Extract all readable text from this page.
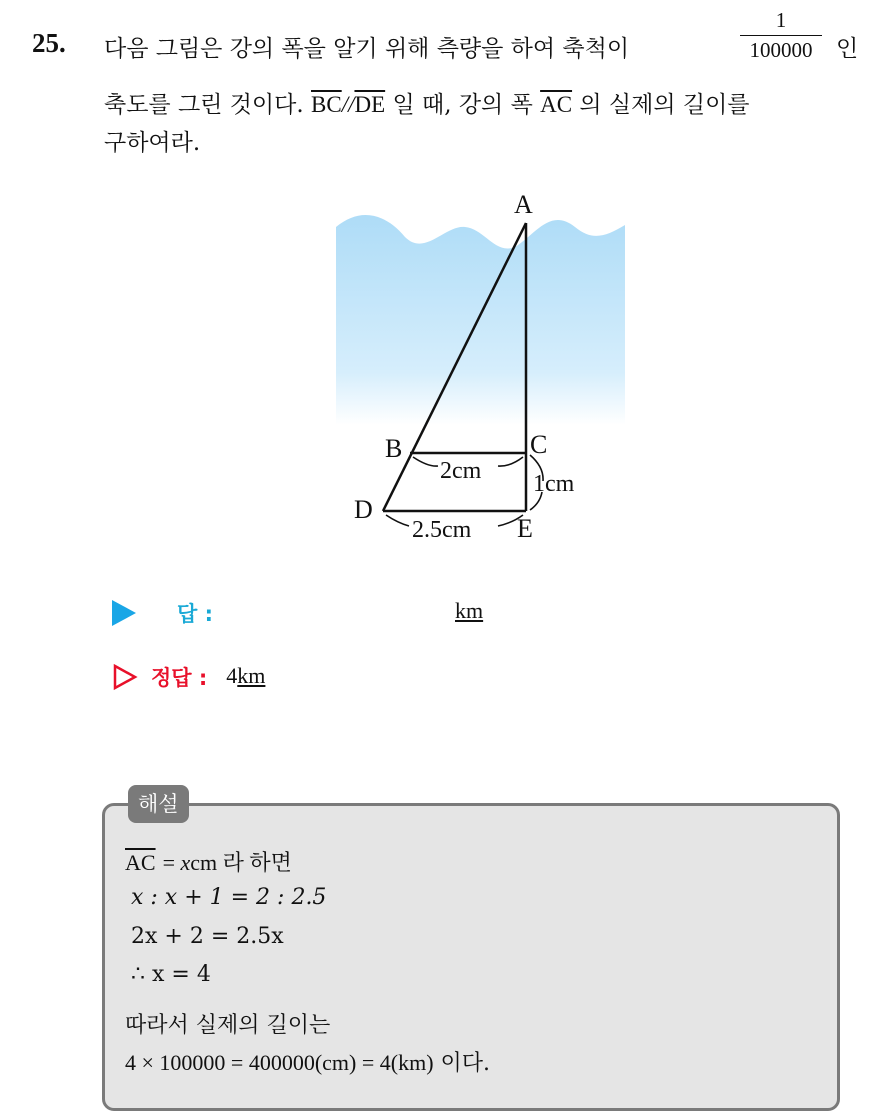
25. 다음 그림은 강의 폭을 알기 위해 측량을 하여 축척이	$\frac{1}{100000}$ 인
축도를 그린 것이다. $\overline{BC}//\overline{DE}$ 일 때, 강의 폭 $\overline{AC}$ 의 실제의 길이를
구하여라.
A
B	C
D
E
2cm 1cm
2.5cm
답 :	km
정답 : 4km
해설
$\overline{AC}$ = xcm 라 하면
x : x + 1 = 2 : 2.5
2x + 2 = 2.5x
∴ x = 4
따라서 실제의 길이는
4 × 100000 = 400000(cm) = 4(km) 이다.
